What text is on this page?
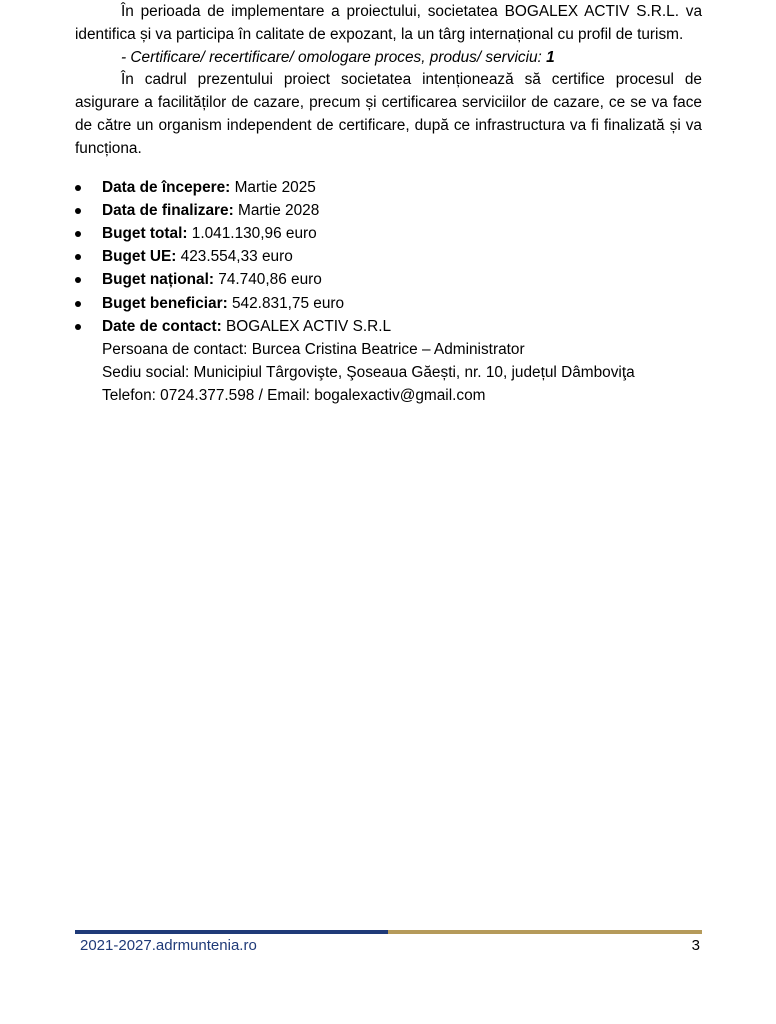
În perioada de implementare a proiectului, societatea BOGALEX ACTIV S.R.L. va identifica și va participa în calitate de expozant, la un târg internațional cu profil de turism.

- Certificare/ recertificare/ omologare proces, produs/ serviciu: 1

În cadrul prezentului proiect societatea intenționează să certifice procesul de asigurare a facilităților de cazare, precum și certificarea serviciilor de cazare, ce se va face de către un organism independent de certificare, după ce infrastructura va fi finalizată și va funcționa.

Data de începere: Martie 2025
Data de finalizare: Martie 2028
Buget total: 1.041.130,96 euro
Buget UE: 423.554,33 euro
Buget național: 74.740,86 euro
Buget beneficiar: 542.831,75 euro
Date de contact: BOGALEX ACTIV S.R.L
Persoana de contact: Burcea Cristina Beatrice – Administrator
Sediu social: Municipiul Târgovişte, Şoseaua Găești, nr. 10, județul Dâmboviţa
Telefon: 0724.377.598 / Email: bogalexactiv@gmail.com
2021-2027.adrmuntenia.ro	3
